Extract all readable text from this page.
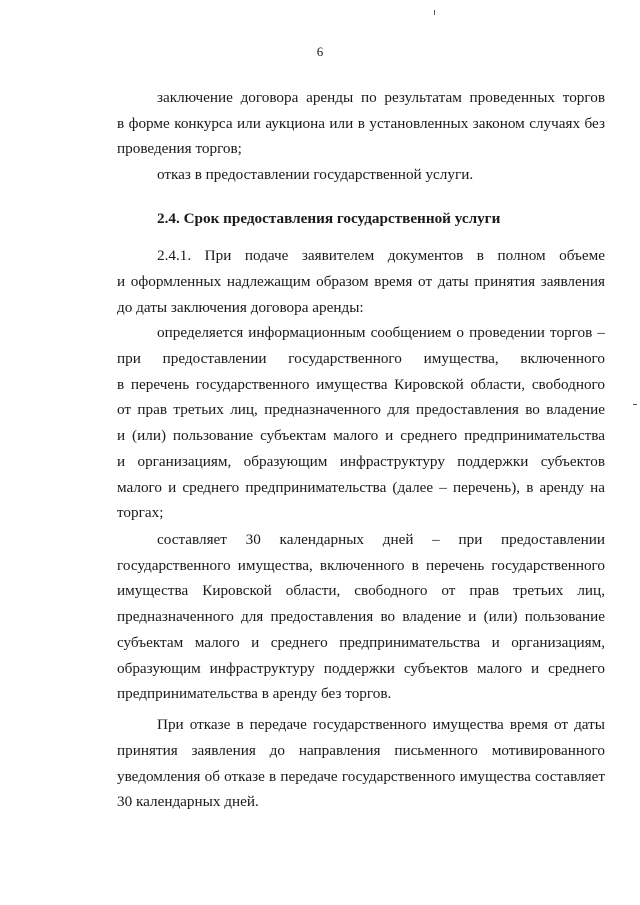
6
заключение договора аренды по результатам проведенных торгов
в форме конкурса или аукциона или в установленных законом случаях без
проведения торгов;
отказ в предоставлении государственной услуги.
2.4. Срок предоставления государственной услуги
2.4.1. При подаче заявителем документов в полном объеме
и оформленных надлежащим образом время от даты принятия заявления
до даты заключения договора аренды:
определяется информационным сообщением о проведении торгов –
при предоставлении государственного имущества, включенного
в перечень государственного имущества Кировской области, свободного
от прав третьих лиц, предназначенного для предоставления во владение
и (или) пользование субъектам малого и среднего предпринимательства
и организациям, образующим инфраструктуру поддержки субъектов
малого и среднего предпринимательства (далее – перечень), в аренду на
торгах;
составляет 30 календарных дней – при предоставлении
государственного имущества, включенного в перечень государственного
имущества Кировской области, свободного от прав третьих лиц,
предназначенного для предоставления во владение и (или) пользование
субъектам малого и среднего предпринимательства и организациям,
образующим инфраструктуру поддержки субъектов малого и среднего
предпринимательства в аренду без торгов.
При отказе в передаче государственного имущества время от даты
принятия заявления до направления письменного мотивированного
уведомления об отказе в передаче государственного имущества составляет
30 календарных дней.
